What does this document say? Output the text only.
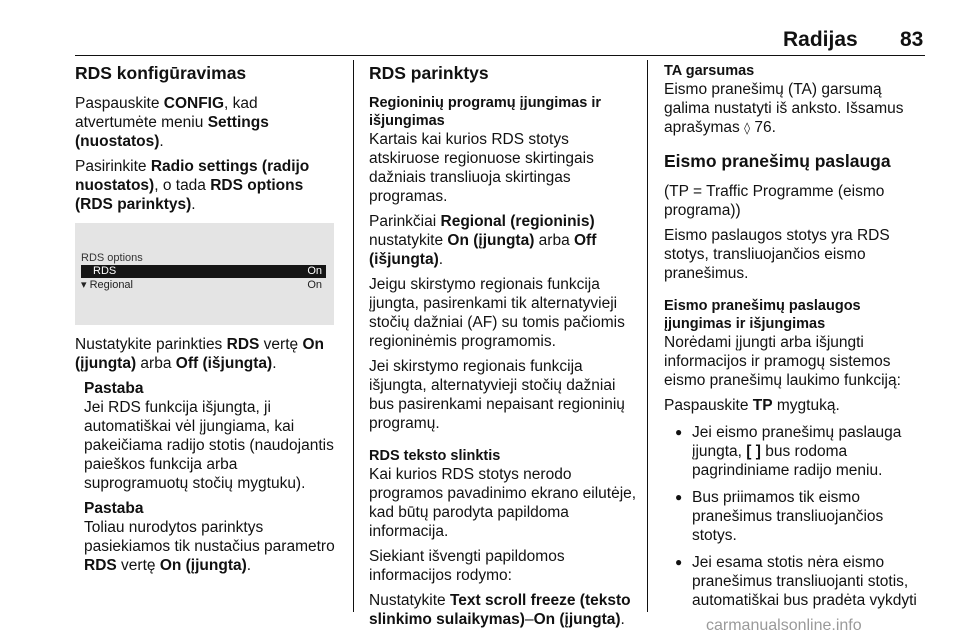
Radijas 83
RDS konfigūravimas

Paspauskite CONFIG, kad atvertumėte meniu Settings (nuostatos).

Pasirinkite Radio settings (radijo nuostatos), o tada RDS options (RDS parinktys).

RDS options
RDS	On
▾ Regional	On

Nustatykite parinkties RDS vertę On (įjungta) arba Off (išjungta).

Pastaba

Jei RDS funkcija išjungta, ji automatiškai vėl įjungiama, kai pakeičiama radijo stotis (naudojantis paieškos funkcija arba suprogramuotų stočių mygtuku).

Pastaba

Toliau nurodytos parinktys pasiekiamos tik nustačius parametro RDS vertę On (įjungta).

RDS parinktys
Regioninių programų įjungimas ir išjungimas

Kartais kai kurios RDS stotys atskiruose regionuose skirtingais dažniais transliuoja skirtingas programas.

Parinkčiai Regional (regioninis) nustatykite On (įjungta) arba Off (išjungta).

Jeigu skirstymo regionais funkcija įjungta, pasirenkami tik alternatyvieji stočių dažniai (AF) su tomis pačiomis regioninėmis programomis.

Jei skirstymo regionais funkcija išjungta, alternatyvieji stočių dažniai bus pasirenkami nepaisant regioninių programų.

RDS teksto slinktis

Kai kurios RDS stotys nerodo programos pavadinimo ekrano eilutėje, kad būtų parodyta papildoma informacija.

Siekiant išvengti papildomos informacijos rodymo:

Nustatykite Text scroll freeze (teksto slinkimo sulaikymas)–On (įjungta).

TA garsumas

Eismo pranešimų (TA) garsumą galima nustatyti iš anksto. Išsamus aprašymas ◊ 76.

Eismo pranešimų paslauga

(TP = Traffic Programme (eismo programa))

Eismo paslaugos stotys yra RDS stotys, transliuojančios eismo pranešimus.

Eismo pranešimų paslaugos įjungimas ir išjungimas

Norėdami įjungti arba išjungti informacijos ir pramogų sistemos eismo pranešimų laukimo funkciją:

Paspauskite TP mygtuką.

● Jei eismo pranešimų paslauga įjungta, [ ] bus rodoma pagrindiniame radijo meniu.
● Bus priimamos tik eismo pranešimus transliuojančios stotys.
● Jei esama stotis nėra eismo pranešimus transliuojanti stotis, automatiškai bus pradėta vykdyti
carmanualsonline.info
